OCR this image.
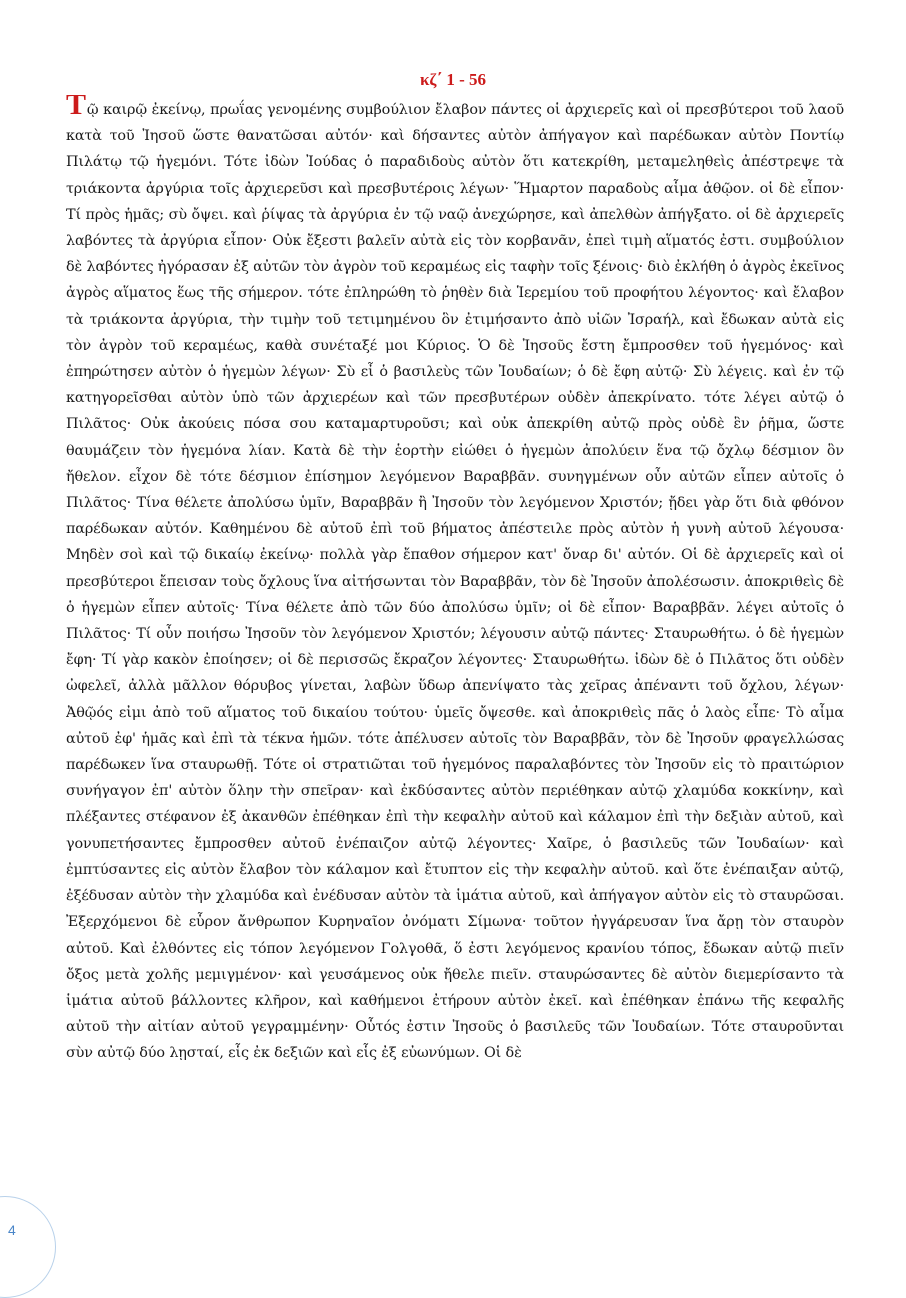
κζ΄ 1 - 56
Τῷ καιρῷ ἐκείνῳ, πρωΐας γενομένης συμβούλιον ἔλαβον πάντες οἱ ἀρχιερεῖς καὶ οἱ πρεσβύτεροι τοῦ λαοῦ κατὰ τοῦ Ἰησοῦ ὥστε θανατῶσαι αὐτόν· καὶ δήσαντες αὐτὸν ἀπήγαγον καὶ παρέδωκαν αὐτὸν Ποντίῳ Πιλάτῳ τῷ ἡγεμόνι. Τότε ἰδὼν Ἰούδας ὁ παραδιδοὺς αὐτὸν ὅτι κατεκρίθη, μεταμεληθεὶς ἀπέστρεψε τὰ τριάκοντα ἀργύρια τοῖς ἀρχιερεῦσι καὶ πρεσβυτέροις λέγων· Ἥμαρτον παραδοὺς αἷμα ἀθῷον. οἱ δὲ εἶπον· Τί πρὸς ἡμᾶς; σὺ ὄψει. καὶ ῥίψας τὰ ἀργύρια ἐν τῷ ναῷ ἀνεχώρησε, καὶ ἀπελθὼν ἀπήγξατο. οἱ δὲ ἀρχιερεῖς λαβόντες τὰ ἀργύρια εἶπον· Οὐκ ἔξεστι βαλεῖν αὐτὰ εἰς τὸν κορβανᾶν, ἐπεὶ τιμὴ αἵματός ἐστι. συμβούλιον δὲ λαβόντες ἠγόρασαν ἐξ αὐτῶν τὸν ἀγρὸν τοῦ κεραμέως εἰς ταφὴν τοῖς ξένοις· διὸ ἐκλήθη ὁ ἀγρὸς ἐκεῖνος ἀγρὸς αἵματος ἕως τῆς σήμερον. τότε ἐπληρώθη τὸ ῥηθὲν διὰ Ἱερεμίου τοῦ προφήτου λέγοντος· καὶ ἔλαβον τὰ τριάκοντα ἀργύρια, τὴν τιμὴν τοῦ τετιμημένου ὃν ἐτιμήσαντο ἀπὸ υἱῶν Ἰσραήλ, καὶ ἔδωκαν αὐτὰ εἰς τὸν ἀγρὸν τοῦ κεραμέως, καθὰ συνέταξέ μοι Κύριος. Ὁ δὲ Ἰησοῦς ἔστη ἔμπροσθεν τοῦ ἡγεμόνος· καὶ ἐπηρώτησεν αὐτὸν ὁ ἡγεμὼν λέγων· Σὺ εἶ ὁ βασιλεὺς τῶν Ἰουδαίων; ὁ δὲ ἔφη αὐτῷ· Σὺ λέγεις. καὶ ἐν τῷ κατηγορεῖσθαι αὐτὸν ὑπὸ τῶν ἀρχιερέων καὶ τῶν πρεσβυτέρων οὐδὲν ἀπεκρίνατο. τότε λέγει αὐτῷ ὁ Πιλᾶτος· Οὐκ ἀκούεις πόσα σου καταμαρτυροῦσι; καὶ οὐκ ἀπεκρίθη αὐτῷ πρὸς οὐδὲ ἓν ῥῆμα, ὥστε θαυμάζειν τὸν ἡγεμόνα λίαν. Κατὰ δὲ τὴν ἑορτὴν εἰώθει ὁ ἡγεμὼν ἀπολύειν ἕνα τῷ ὄχλῳ δέσμιον ὃν ἤθελον. εἶχον δὲ τότε δέσμιον ἐπίσημον λεγόμενον Βαραββᾶν. συνηγμένων οὖν αὐτῶν εἶπεν αὐτοῖς ὁ Πιλᾶτος· Τίνα θέλετε ἀπολύσω ὑμῖν, Βαραββᾶν ἢ Ἰησοῦν τὸν λεγόμενον Χριστόν; ᾔδει γὰρ ὅτι διὰ φθόνον παρέδωκαν αὐτόν. Καθημένου δὲ αὐτοῦ ἐπὶ τοῦ βήματος ἀπέστειλε πρὸς αὐτὸν ἡ γυνὴ αὐτοῦ λέγουσα· Μηδὲν σοὶ καὶ τῷ δικαίῳ ἐκείνῳ· πολλὰ γὰρ ἔπαθον σήμερον κατ' ὄναρ δι' αὐτόν. Οἱ δὲ ἀρχιερεῖς καὶ οἱ πρεσβύτεροι ἔπεισαν τοὺς ὄχλους ἵνα αἰτήσωνται τὸν Βαραββᾶν, τὸν δὲ Ἰησοῦν ἀπολέσωσιν. ἀποκριθεὶς δὲ ὁ ἡγεμὼν εἶπεν αὐτοῖς· Τίνα θέλετε ἀπὸ τῶν δύο ἀπολύσω ὑμῖν; οἱ δὲ εἶπον· Βαραββᾶν. λέγει αὐτοῖς ὁ Πιλᾶτος· Τί οὖν ποιήσω Ἰησοῦν τὸν λεγόμενον Χριστόν; λέγουσιν αὐτῷ πάντες· Σταυρωθήτω. ὁ δὲ ἡγεμὼν ἔφη· Τί γὰρ κακὸν ἐποίησεν; οἱ δὲ περισσῶς ἔκραζον λέγοντες· Σταυρωθήτω. ἰδὼν δὲ ὁ Πιλᾶτος ὅτι οὐδὲν ὠφελεῖ, ἀλλὰ μᾶλλον θόρυβος γίνεται, λαβὼν ὕδωρ ἀπενίψατο τὰς χεῖρας ἀπέναντι τοῦ ὄχλου, λέγων· Ἀθῷός εἰμι ἀπὸ τοῦ αἵματος τοῦ δικαίου τούτου· ὑμεῖς ὄψεσθε. καὶ ἀποκριθεὶς πᾶς ὁ λαὸς εἶπε· Τὸ αἷμα αὐτοῦ ἐφ' ἡμᾶς καὶ ἐπὶ τὰ τέκνα ἡμῶν. τότε ἀπέλυσεν αὐτοῖς τὸν Βαραββᾶν, τὸν δὲ Ἰησοῦν φραγελλώσας παρέδωκεν ἵνα σταυρωθῇ. Τότε οἱ στρατιῶται τοῦ ἡγεμόνος παραλαβόντες τὸν Ἰησοῦν εἰς τὸ πραιτώριον συνήγαγον ἐπ' αὐτὸν ὅλην τὴν σπεῖραν· καὶ ἐκδύσαντες αὐτὸν περιέθηκαν αὐτῷ χλαμύδα κοκκίνην, καὶ πλέξαντες στέφανον ἐξ ἀκανθῶν ἐπέθηκαν ἐπὶ τὴν κεφαλὴν αὐτοῦ καὶ κάλαμον ἐπὶ τὴν δεξιὰν αὐτοῦ, καὶ γονυπετήσαντες ἔμπροσθεν αὐτοῦ ἐνέπαιζον αὐτῷ λέγοντες· Χαῖρε, ὁ βασιλεῦς τῶν Ἰουδαίων· καὶ ἐμπτύσαντες εἰς αὐτὸν ἔλαβον τὸν κάλαμον καὶ ἔτυπτον εἰς τὴν κεφαλὴν αὐτοῦ. καὶ ὅτε ἐνέπαιξαν αὐτῷ, ἐξέδυσαν αὐτὸν τὴν χλαμύδα καὶ ἐνέδυσαν αὐτὸν τὰ ἱμάτια αὐτοῦ, καὶ ἀπήγαγον αὐτὸν εἰς τὸ σταυρῶσαι. Ἐξερχόμενοι δὲ εὗρον ἄνθρωπον Κυρηναῖον ὀνόματι Σίμωνα· τοῦτον ἠγγάρευσαν ἵνα ἄρῃ τὸν σταυρὸν αὐτοῦ. Καὶ ἐλθόντες εἰς τόπον λεγόμενον Γολγοθᾶ, ὅ ἐστι λεγόμενος κρανίου τόπος, ἔδωκαν αὐτῷ πιεῖν ὄξος μετὰ χολῆς μεμιγμένον· καὶ γευσάμενος οὐκ ἤθελε πιεῖν. σταυρώσαντες δὲ αὐτὸν διεμερίσαντο τὰ ἱμάτια αὐτοῦ βάλλοντες κλῆρον, καὶ καθήμενοι ἐτήρουν αὐτὸν ἐκεῖ. καὶ ἐπέθηκαν ἐπάνω τῆς κεφαλῆς αὐτοῦ τὴν αἰτίαν αὐτοῦ γεγραμμένην· Οὗτός ἐστιν Ἰησοῦς ὁ βασιλεῦς τῶν Ἰουδαίων. Τότε σταυροῦνται σὺν αὐτῷ δύο λῃσταί, εἷς ἐκ δεξιῶν καὶ εἷς ἐξ εὐωνύμων. Οἱ δὲ
4
